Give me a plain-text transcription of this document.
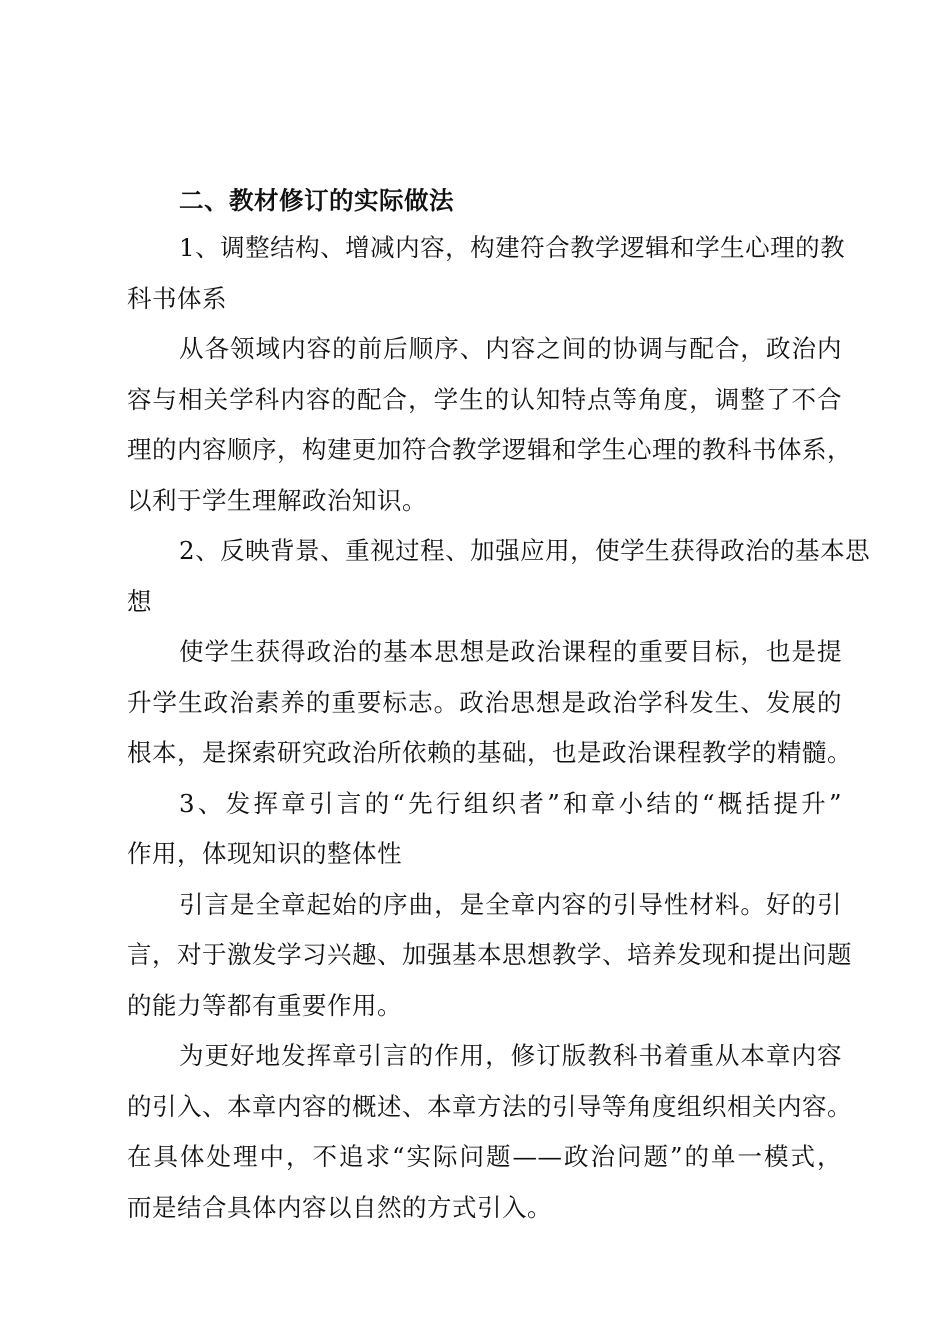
二、教材修订的实际做法

1、调整结构、增减内容，构建符合教学逻辑和学生心理的教
科书体系

从各领域内容的前后顺序、内容之间的协调与配合，政治内
容与相关学科内容的配合，学生的认知特点等角度，调整了不合
理的内容顺序，构建更加符合教学逻辑和学生心理的教科书体系，
以利于学生理解政治知识。

2、反映背景、重视过程、加强应用，使学生获得政治的基本思
想

使学生获得政治的基本思想是政治课程的重要目标，也是提
升学生政治素养的重要标志。政治思想是政治学科发生、发展的
根本，是探索研究政治所依赖的基础，也是政治课程教学的精髓。

3、发挥章引言的“先行组织者”和章小结的“概括提升”
作用，体现知识的整体性

引言是全章起始的序曲，是全章内容的引导性材料。好的引
言，对于激发学习兴趣、加强基本思想教学、培养发现和提出问题
的能力等都有重要作用。

为更好地发挥章引言的作用，修订版教科书着重从本章内容
的引入、本章内容的概述、本章方法的引导等角度组织相关内容。
在具体处理中，不追求“实际问题——政治问题”的单一模式，
而是结合具体内容以自然的方式引入。
